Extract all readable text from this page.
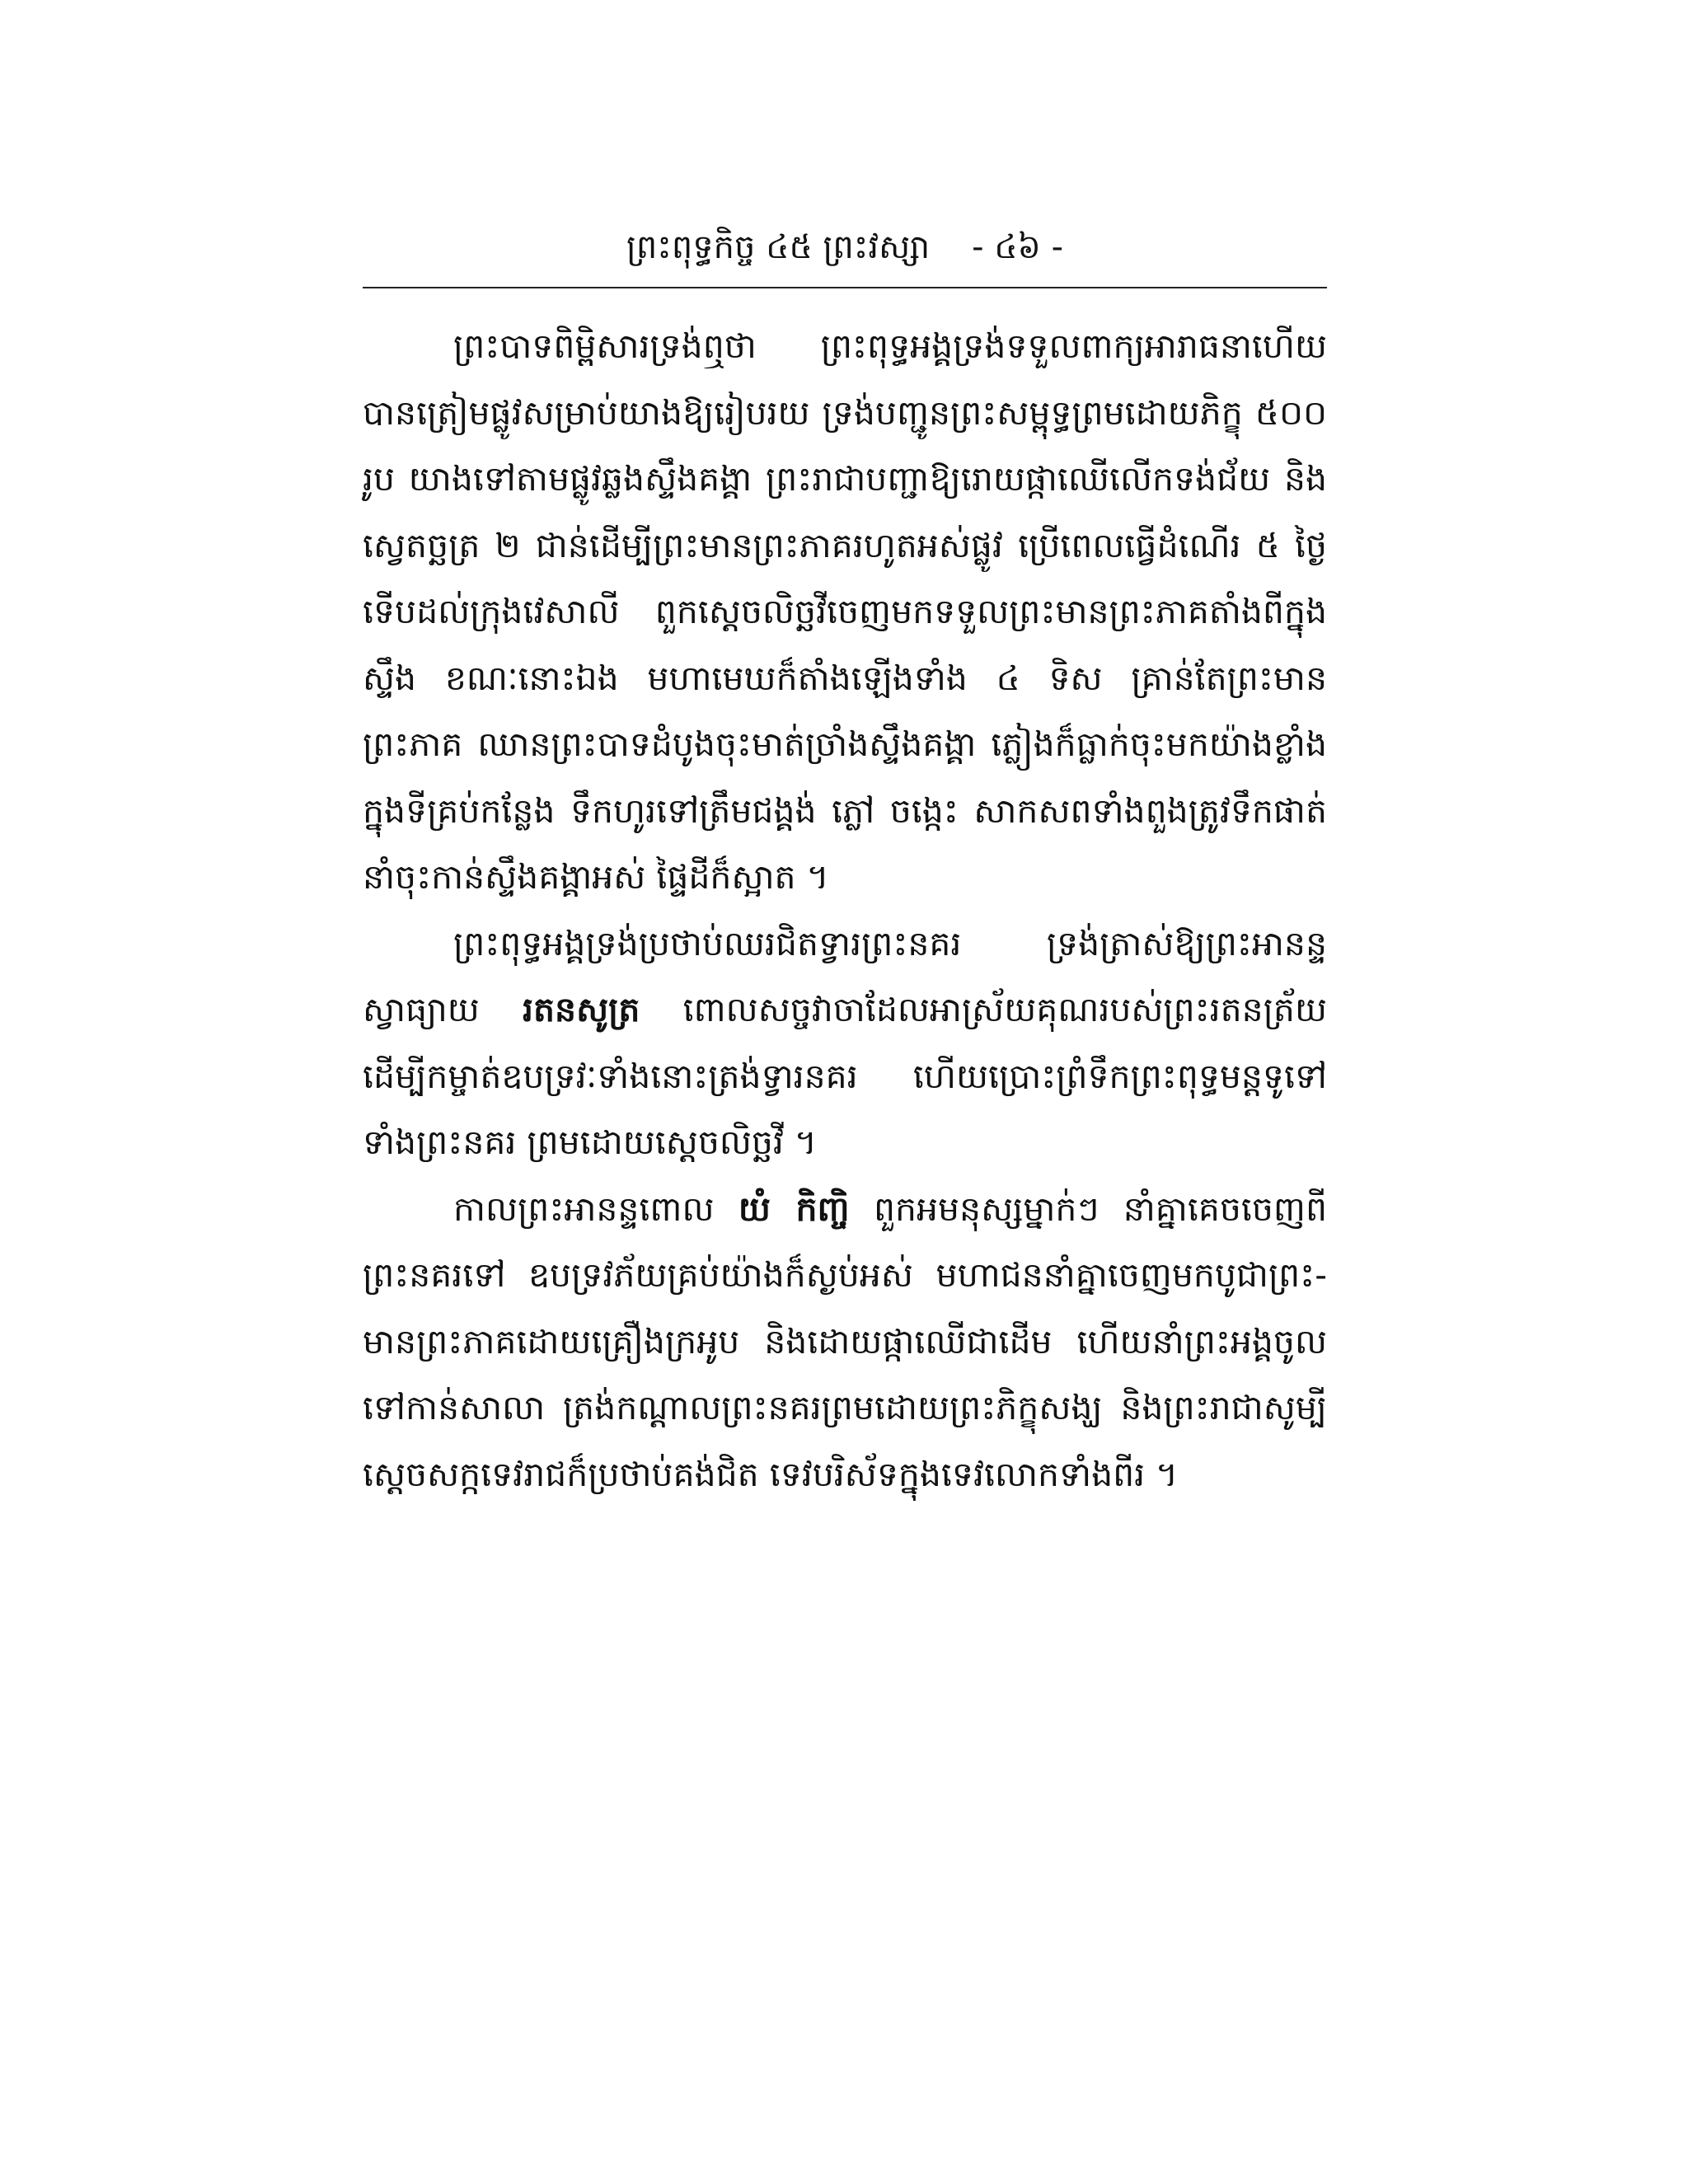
ព្រះពុទ្ធកិច្ច ៤៥ ព្រះវស្សា - ៤៦ -

ព្រះបាទពិម្ពិសារទ្រង់ឮថា ព្រះពុទ្ធអង្គទ្រង់ទទួលពាក្យអារាធនាហើយ បានត្រៀមផ្លូវសម្រាប់យាងឱ្យរៀបរយ ទ្រង់បញ្ជូនព្រះសម្ពុទ្ធព្រមដោយភិក្ខុ ៥០០ រូប យាងទៅតាមផ្លូវឆ្លងស្ទឹងគង្គា ព្រះរាជាបញ្ជាឱ្យរោយផ្កាឈើលើកទង់ជ័យ និងស្វេតច្ឆត្រ ២ ជាន់ដើម្បីព្រះមានព្រះភាគរហូតអស់ផ្លូវ ប្រើពេលធ្វើដំណើរ ៥ ថ្ងៃ ទើបដល់ក្រុងវេសាលី ពួកស្ដេចលិច្ឆវីចេញមកទទួលព្រះមានព្រះភាគតាំងពីក្នុងស្ទឹង ខណៈនោះឯង មហាមេឃក៏តាំងឡើងទាំង ៤ ទិស គ្រាន់តែព្រះមានព្រះភាគ ឈានព្រះបាទដំបូងចុះមាត់ច្រាំងស្ទឹងគង្គា ភ្លៀងក៏ធ្លាក់ចុះមកយ៉ាងខ្លាំងក្នុងទីគ្រប់កន្លែង ទឹកហូរទៅត្រឹមជង្គង់ ភ្លៅ ចង្កេះ សាកសពទាំងពួងត្រូវទឹកផាត់នាំចុះកាន់ស្ទឹងគង្គាអស់ ផ្ទៃដីក៏ស្អាត ។

ព្រះពុទ្ធអង្គទ្រង់ប្រថាប់ឈរជិតទ្វារព្រះនគរ ទ្រង់ត្រាស់ឱ្យព្រះអានន្ទស្វាធ្យាយ រតនសូត្រ ពោលសច្ចវាចាដែលអាស្រ័យគុណរបស់ព្រះរតនត្រ័យ ដើម្បីកម្ចាត់ឧបទ្រវៈទាំងនោះត្រង់ទ្វារនគរ ហើយប្រោះព្រំទឹកព្រះពុទ្ធមន្តទូទៅទាំងព្រះនគរ ព្រមដោយស្ដេចលិច្ឆវី ។

កាលព្រះអានន្ទពោល យំ កិញ្ចិ ពួកអមនុស្សម្នាក់ៗ នាំគ្នាគេចចេញពីព្រះនគរទៅ ឧបទ្រវភ័យគ្រប់យ៉ាងក៏ស្ងប់អស់ មហាជននាំគ្នាចេញមកបូជាព្រះ-មានព្រះភាគដោយគ្រឿងក្រអូប និងដោយផ្កាឈើជាដើម ហើយនាំព្រះអង្គចូលទៅកាន់សាលា ត្រង់កណ្ដាលព្រះនគរព្រមដោយព្រះភិក្ខុសង្ឃ និងព្រះរាជាសូម្បីស្ដេចសក្កទេវរាជក៏ប្រថាប់គង់ជិត ទេវបរិស័ទក្នុងទេវលោកទាំងពីរ ។
